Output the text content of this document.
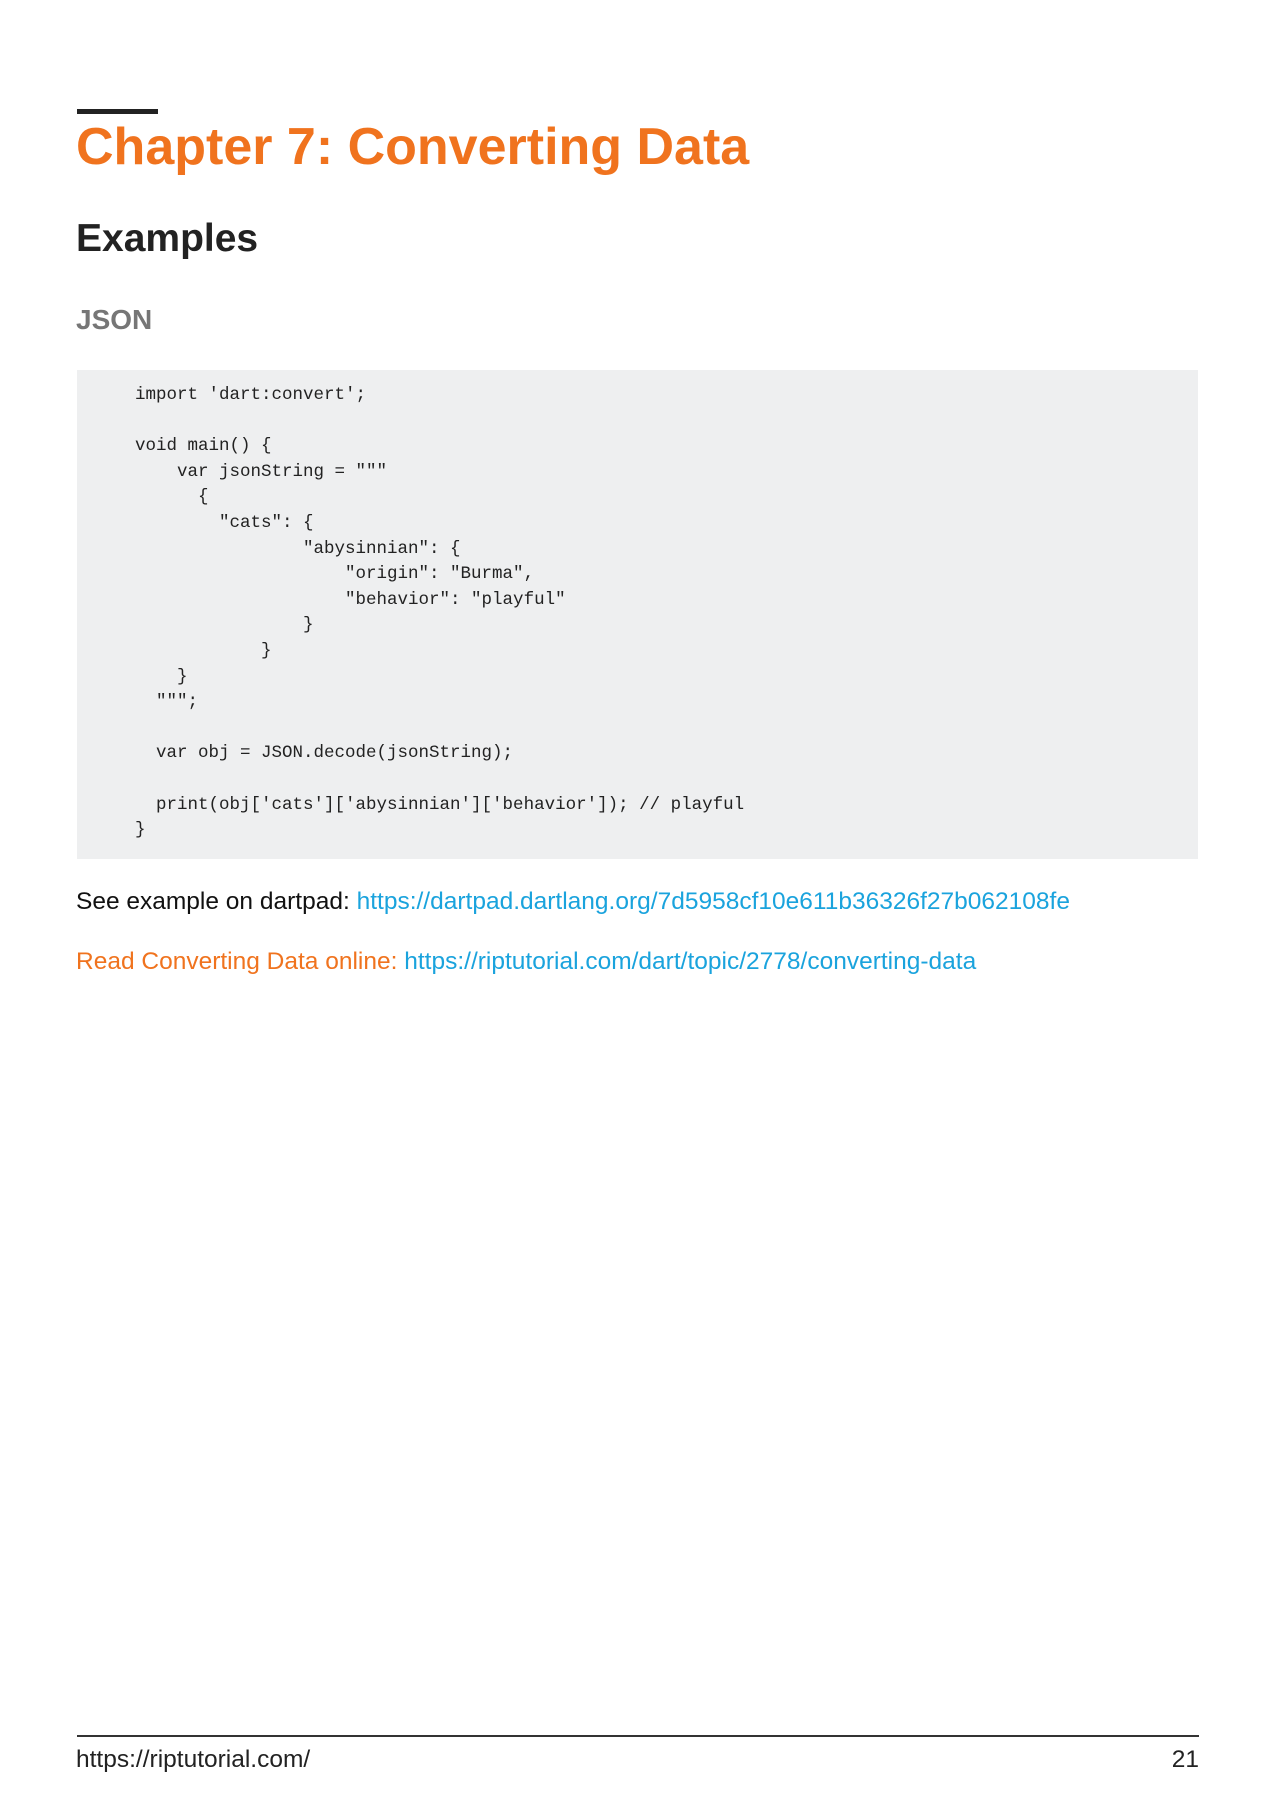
Chapter 7: Converting Data
Examples
JSON
import 'dart:convert';

void main() {
var jsonString = """
{
"cats": {
"abysinnian": {
"origin": "Burma",
"behavior": "playful"
}
}
}
""";

var obj = JSON.decode(jsonString);

print(obj['cats']['abysinnian']['behavior']); // playful
}

See example on dartpad: https://dartpad.dartlang.org/7d5958cf10e611b36326f27b062108fe

Read Converting Data online: https://riptutorial.com/dart/topic/2778/converting-data

https://riptutorial.com/	21
